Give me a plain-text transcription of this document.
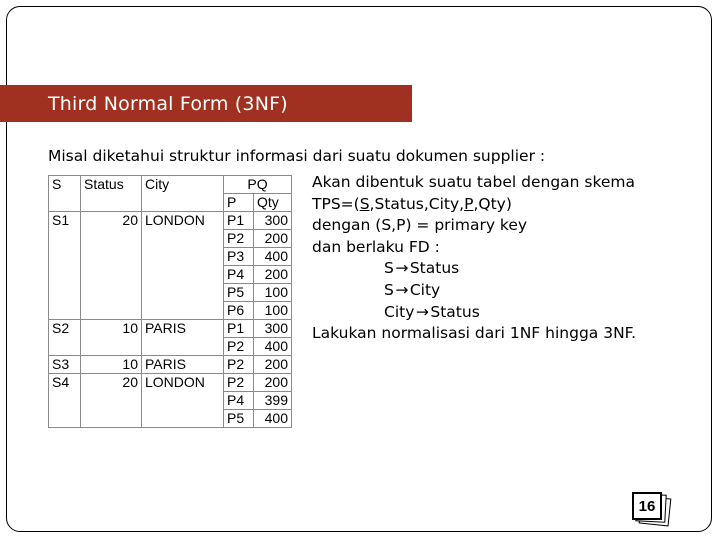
Third Normal Form (3NF)
Misal diketahui struktur informasi dari suatu dokumen supplier :
S	Status	City	PQ	
			P	Qty
S1	20	LONDON	P1	300
			P2	200
			P3	400
			P4	200
			P5	100
			P6	100
S2	10	PARIS	P1	300
			P2	400
S3	10	PARIS	P2	200
S4	20	LONDON	P2	200
			P4	399
			P5	400
Akan dibentuk suatu tabel dengan skema
TPS=(S,Status,City,P,Qty)
dengan (S,P) = primary key
dan berlaku FD :
S→Status
S→City
City→Status
Lakukan normalisasi dari 1NF hingga 3NF.
16
